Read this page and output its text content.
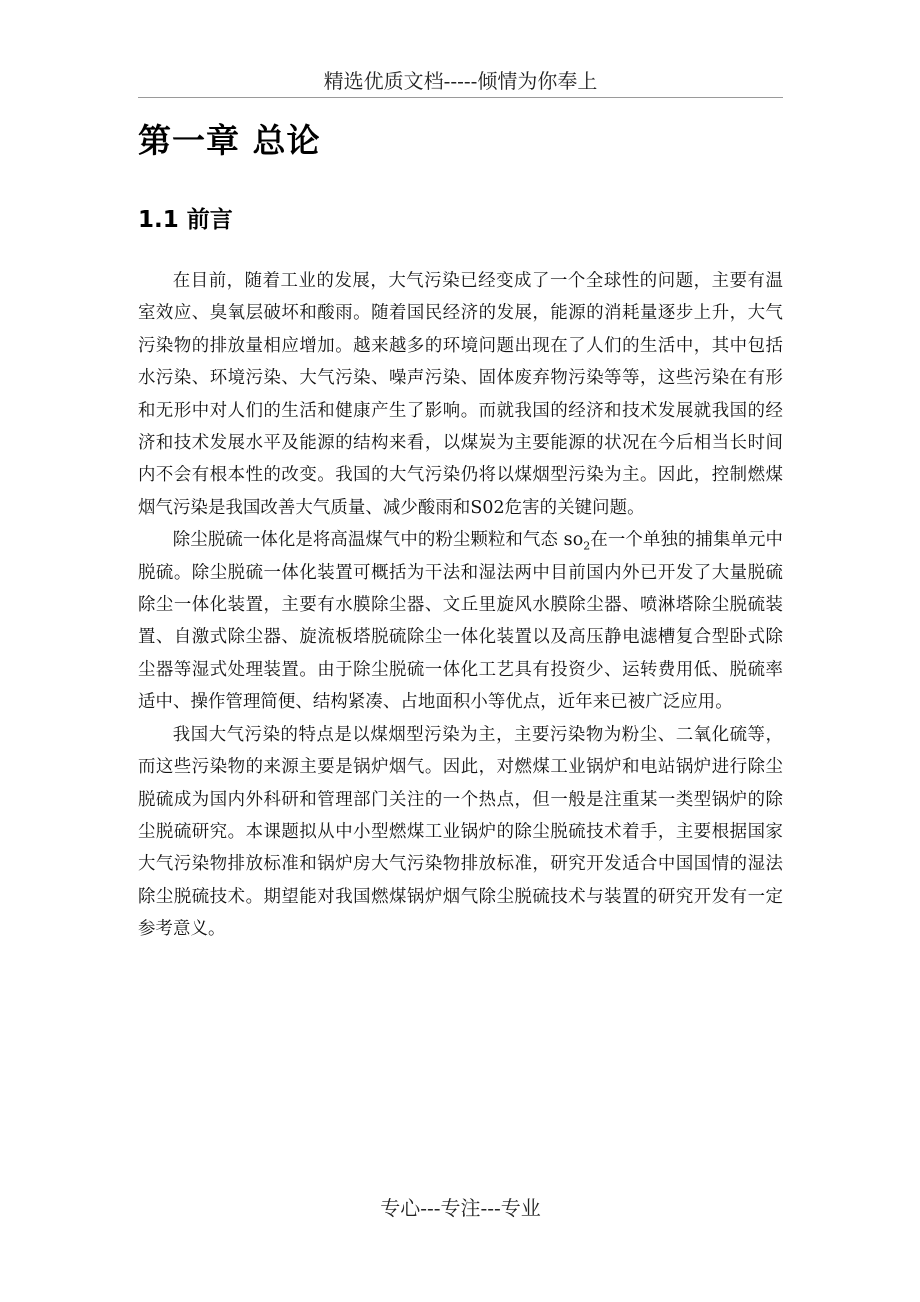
精选优质文档-----倾情为你奉上
第一章 总论
1.1 前言

在目前，随着工业的发展，大气污染已经变成了一个全球性的问题，主要有温室效应、臭氧层破坏和酸雨。随着国民经济的发展，能源的消耗量逐步上升，大气污染物的排放量相应增加。越来越多的环境问题出现在了人们的生活中，其中包括水污染、环境污染、大气污染、噪声污染、固体废弃物污染等等，这些污染在有形和无形中对人们的生活和健康产生了影响。而就我国的经济和技术发展就我国的经济和技术发展水平及能源的结构来看，以煤炭为主要能源的状况在今后相当长时间内不会有根本性的改变。我国的大气污染仍将以煤烟型污染为主。因此，控制燃煤烟气污染是我国改善大气质量、减少酸雨和S02危害的关键问题。

除尘脱硫一体化是将高温煤气中的粉尘颗粒和气态 $so_2$在一个单独的捕集单元中脱硫。除尘脱硫一体化装置可概括为干法和湿法两中目前国内外已开发了大量脱硫除尘一体化装置，主要有水膜除尘器、文丘里旋风水膜除尘器、喷淋塔除尘脱硫装置、自激式除尘器、旋流板塔脱硫除尘一体化装置以及高压静电滤槽复合型卧式除尘器等湿式处理装置。由于除尘脱硫一体化工艺具有投资少、运转费用低、脱硫率适中、操作管理简便、结构紧凑、占地面积小等优点，近年来已被广泛应用。

我国大气污染的特点是以煤烟型污染为主，主要污染物为粉尘、二氧化硫等，而这些污染物的来源主要是锅炉烟气。因此，对燃煤工业锅炉和电站锅炉进行除尘脱硫成为国内外科研和管理部门关注的一个热点，但一般是注重某一类型锅炉的除尘脱硫研究。本课题拟从中小型燃煤工业锅炉的除尘脱硫技术着手，主要根据国家大气污染物排放标准和锅炉房大气污染物排放标准，研究开发适合中国国情的湿法除尘脱硫技术。期望能对我国燃煤锅炉烟气除尘脱硫技术与装置的研究开发有一定参考意义。

专心---专注---专业
